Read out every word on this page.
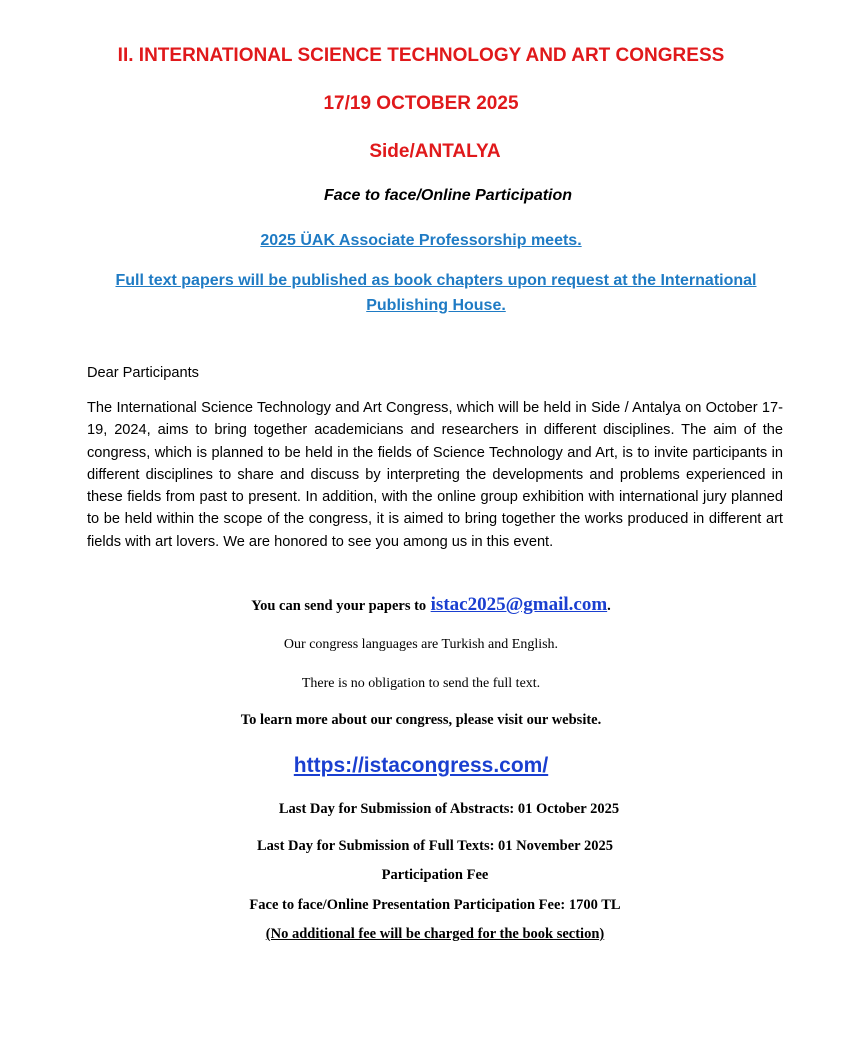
II. INTERNATIONAL SCIENCE TECHNOLOGY AND ART CONGRESS
17/19 OCTOBER 2025
Side/ANTALYA
Face to face/Online Participation
2025 ÜAK Associate Professorship meets.
Full text papers will be published as book chapters upon request at the International Publishing House.
Dear Participants
The International Science Technology and Art Congress, which will be held in Side / Antalya on October 17-19, 2024, aims to bring together academicians and researchers in different disciplines. The aim of the congress, which is planned to be held in the fields of Science Technology and Art, is to invite participants in different disciplines to share and discuss by interpreting the developments and problems experienced in these fields from past to present. In addition, with the online group exhibition with international jury planned to be held within the scope of the congress, it is aimed to bring together the works produced in different art fields with art lovers. We are honored to see you among us in this event.
You can send your papers to istac2025@gmail.com.
Our congress languages are Turkish and English.
There is no obligation to send the full text.
To learn more about our congress, please visit our website.
https://istacongress.com/
Last Day for Submission of Abstracts: 01 October 2025
Last Day for Submission of Full Texts: 01 November 2025
Participation Fee
Face to face/Online Presentation Participation Fee: 1700 TL
(No additional fee will be charged for the book section)
